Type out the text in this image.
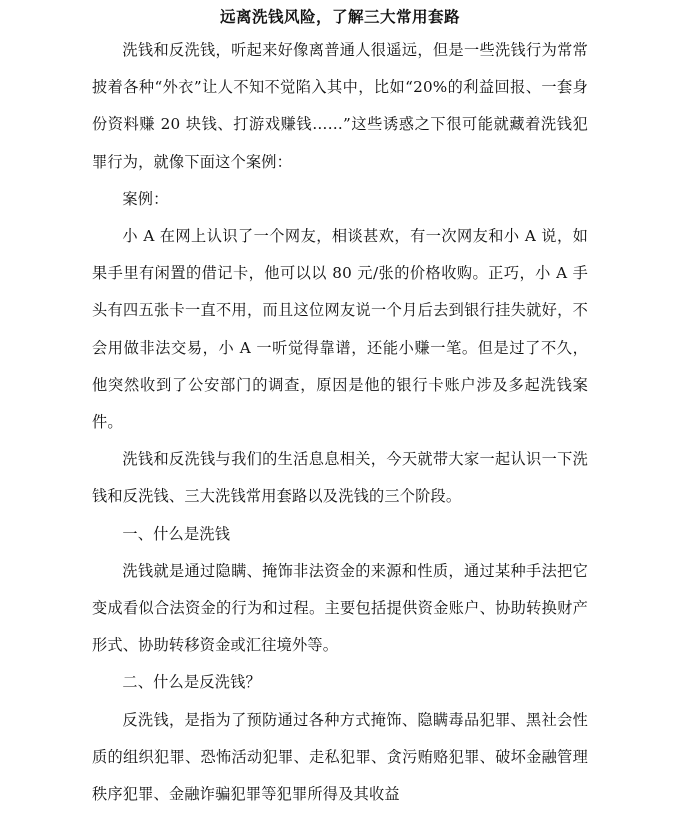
远离洗钱风险，了解三大常用套路

洗钱和反洗钱，听起来好像离普通人很遥远，但是一些洗钱行为常常披着各种“外衣”让人不知不觉陷入其中，比如“20%的利益回报、一套身份资料赚 20 块钱、打游戏赚钱……”这些诱惑之下很可能就藏着洗钱犯罪行为，就像下面这个案例：

案例：

小 A 在网上认识了一个网友，相谈甚欢，有一次网友和小 A 说，如果手里有闲置的借记卡，他可以以 80 元/张的价格收购。正巧，小 A 手头有四五张卡一直不用，而且这位网友说一个月后去到银行挂失就好，不会用做非法交易，小 A 一听觉得靠谱，还能小赚一笔。但是过了不久，他突然收到了公安部门的调查，原因是他的银行卡账户涉及多起洗钱案件。

洗钱和反洗钱与我们的生活息息相关，今天就带大家一起认识一下洗钱和反洗钱、三大洗钱常用套路以及洗钱的三个阶段。

一、什么是洗钱

洗钱就是通过隐瞒、掩饰非法资金的来源和性质，通过某种手法把它变成看似合法资金的行为和过程。主要包括提供资金账户、协助转换财产形式、协助转移资金或汇往境外等。

二、什么是反洗钱？

反洗钱，是指为了预防通过各种方式掩饰、隐瞒毒品犯罪、黑社会性质的组织犯罪、恐怖活动犯罪、走私犯罪、贪污贿赂犯罪、破坏金融管理秩序犯罪、金融诈骗犯罪等犯罪所得及其收益
